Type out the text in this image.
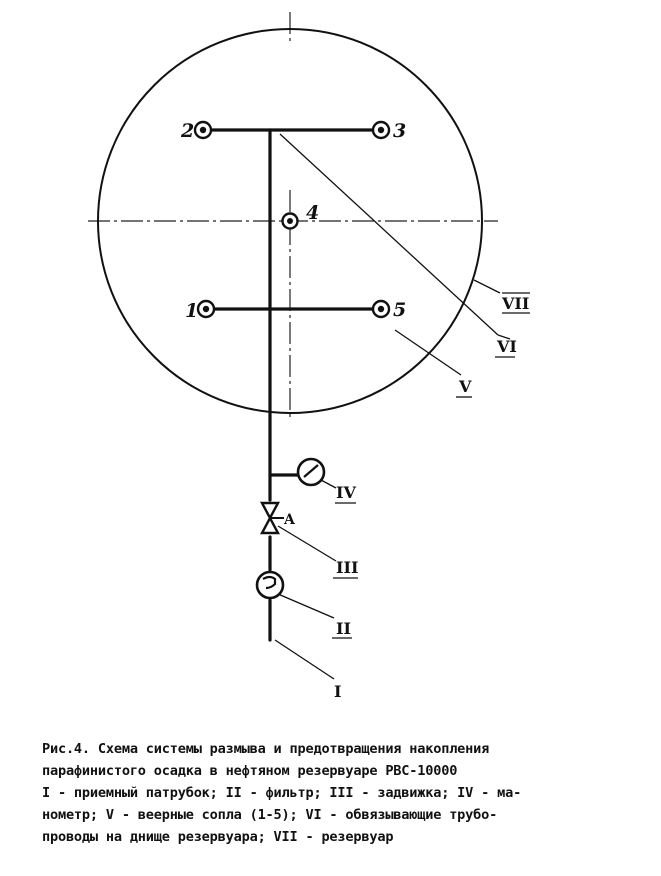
2	3
4
1	5
A
VII
VI
V
IV
III
II
I
Рис.4. Схема системы размыва и предотвращения накопления
парафинистого осадка в нефтяном резервуаре РВС-10000
I - приемный патрубок; II - фильтр; III - задвижка; IV - ма-
нометр; V - веерные сопла (1-5); VI - обвязывающие трубо-
проводы на днище резервуара; VII - резервуар
